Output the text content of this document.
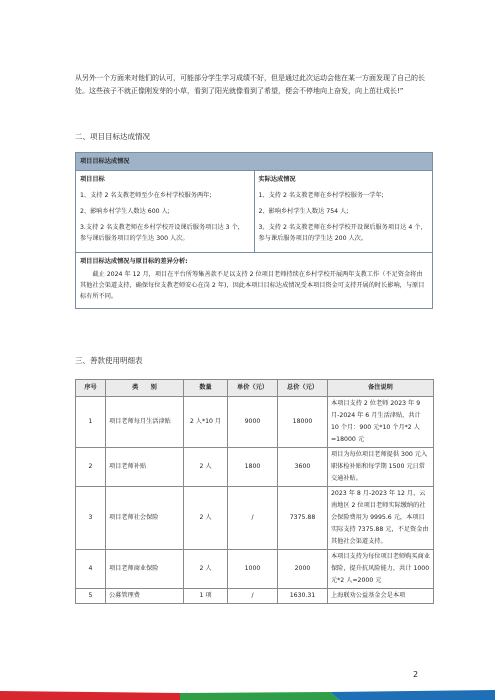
从另外一个方面来对他们的认可，可能部分学生学习成绩不好，但是通过此次运动会他在某一方面发现了自己的长处。这些孩子不就正像刚发芽的小草，看到了阳光就像看到了希望，便会不停地向上奋发，向上茁壮成长!”

二、项目目标达成情况

项目目标达成情况

项目目标

1、支持 2 名支教老师至少在乡村学校服务两年;

2、影响乡村学生人数达 600 人;

3.支持 2 名支教老师在乡村学校开设课后服务项目达 3 个，参与课后服务项目的学生达 300 人次。

实际达成情况

1、支持 2 名支教老师在乡村学校服务一学年;

2、影响乡村学生人数达 754 人;

3、支持 2 名支教老师在乡村学校开设课后服务项目达 4 个，参与课后服务项目的学生达 200 人次。

项目目标达成情况与原目标的差异分析:

截止 2024 年 12 月，项目在平台所筹集善款不足以支持 2 位项目老师持续在乡村学校开展两年支教工作（不足资金将由其他社会渠道支持，确保每位支教老师安心在岗 2 年)，因此本项目目标达成情况受本项目资金可支持开展的时长影响，与原目标有所不同。

三、善款使用明细表

序号	类　　别	数量	单价（元）	总价（元）	备注说明
1	项目老师每月生活津贴	2 人*10 月	9000	18000	本项目支持 2 位老师 2023 年 9 月-2024 年 6 月生活津贴，共计 10 个月：900 元*10 个月*2 人=18000 元
2	项目老师补贴	2 人	1800	3600	项目为每位项目老师提供 300 元入职体检补贴和每学期 1500 元日常交通补贴。
3	项目老师社会保险	2 人	/	7375.88	2023 年 8 月-2023 年 12 月，云南地区 2 位项目老师实际缴纳的社会保险费用为 9995.6 元，本项目实际支持 7375.88 元，不足资金由其他社会渠道支持。
4	项目老师商业保险	2 人	1000	2000	本项目支持为每位项目老师购买商业保险，提升抗风险能力，共计 1000 元*2 人=2000 元
5	公募管理费	1 项	/	1630.31	上海联劝公益基金会是本项
2
